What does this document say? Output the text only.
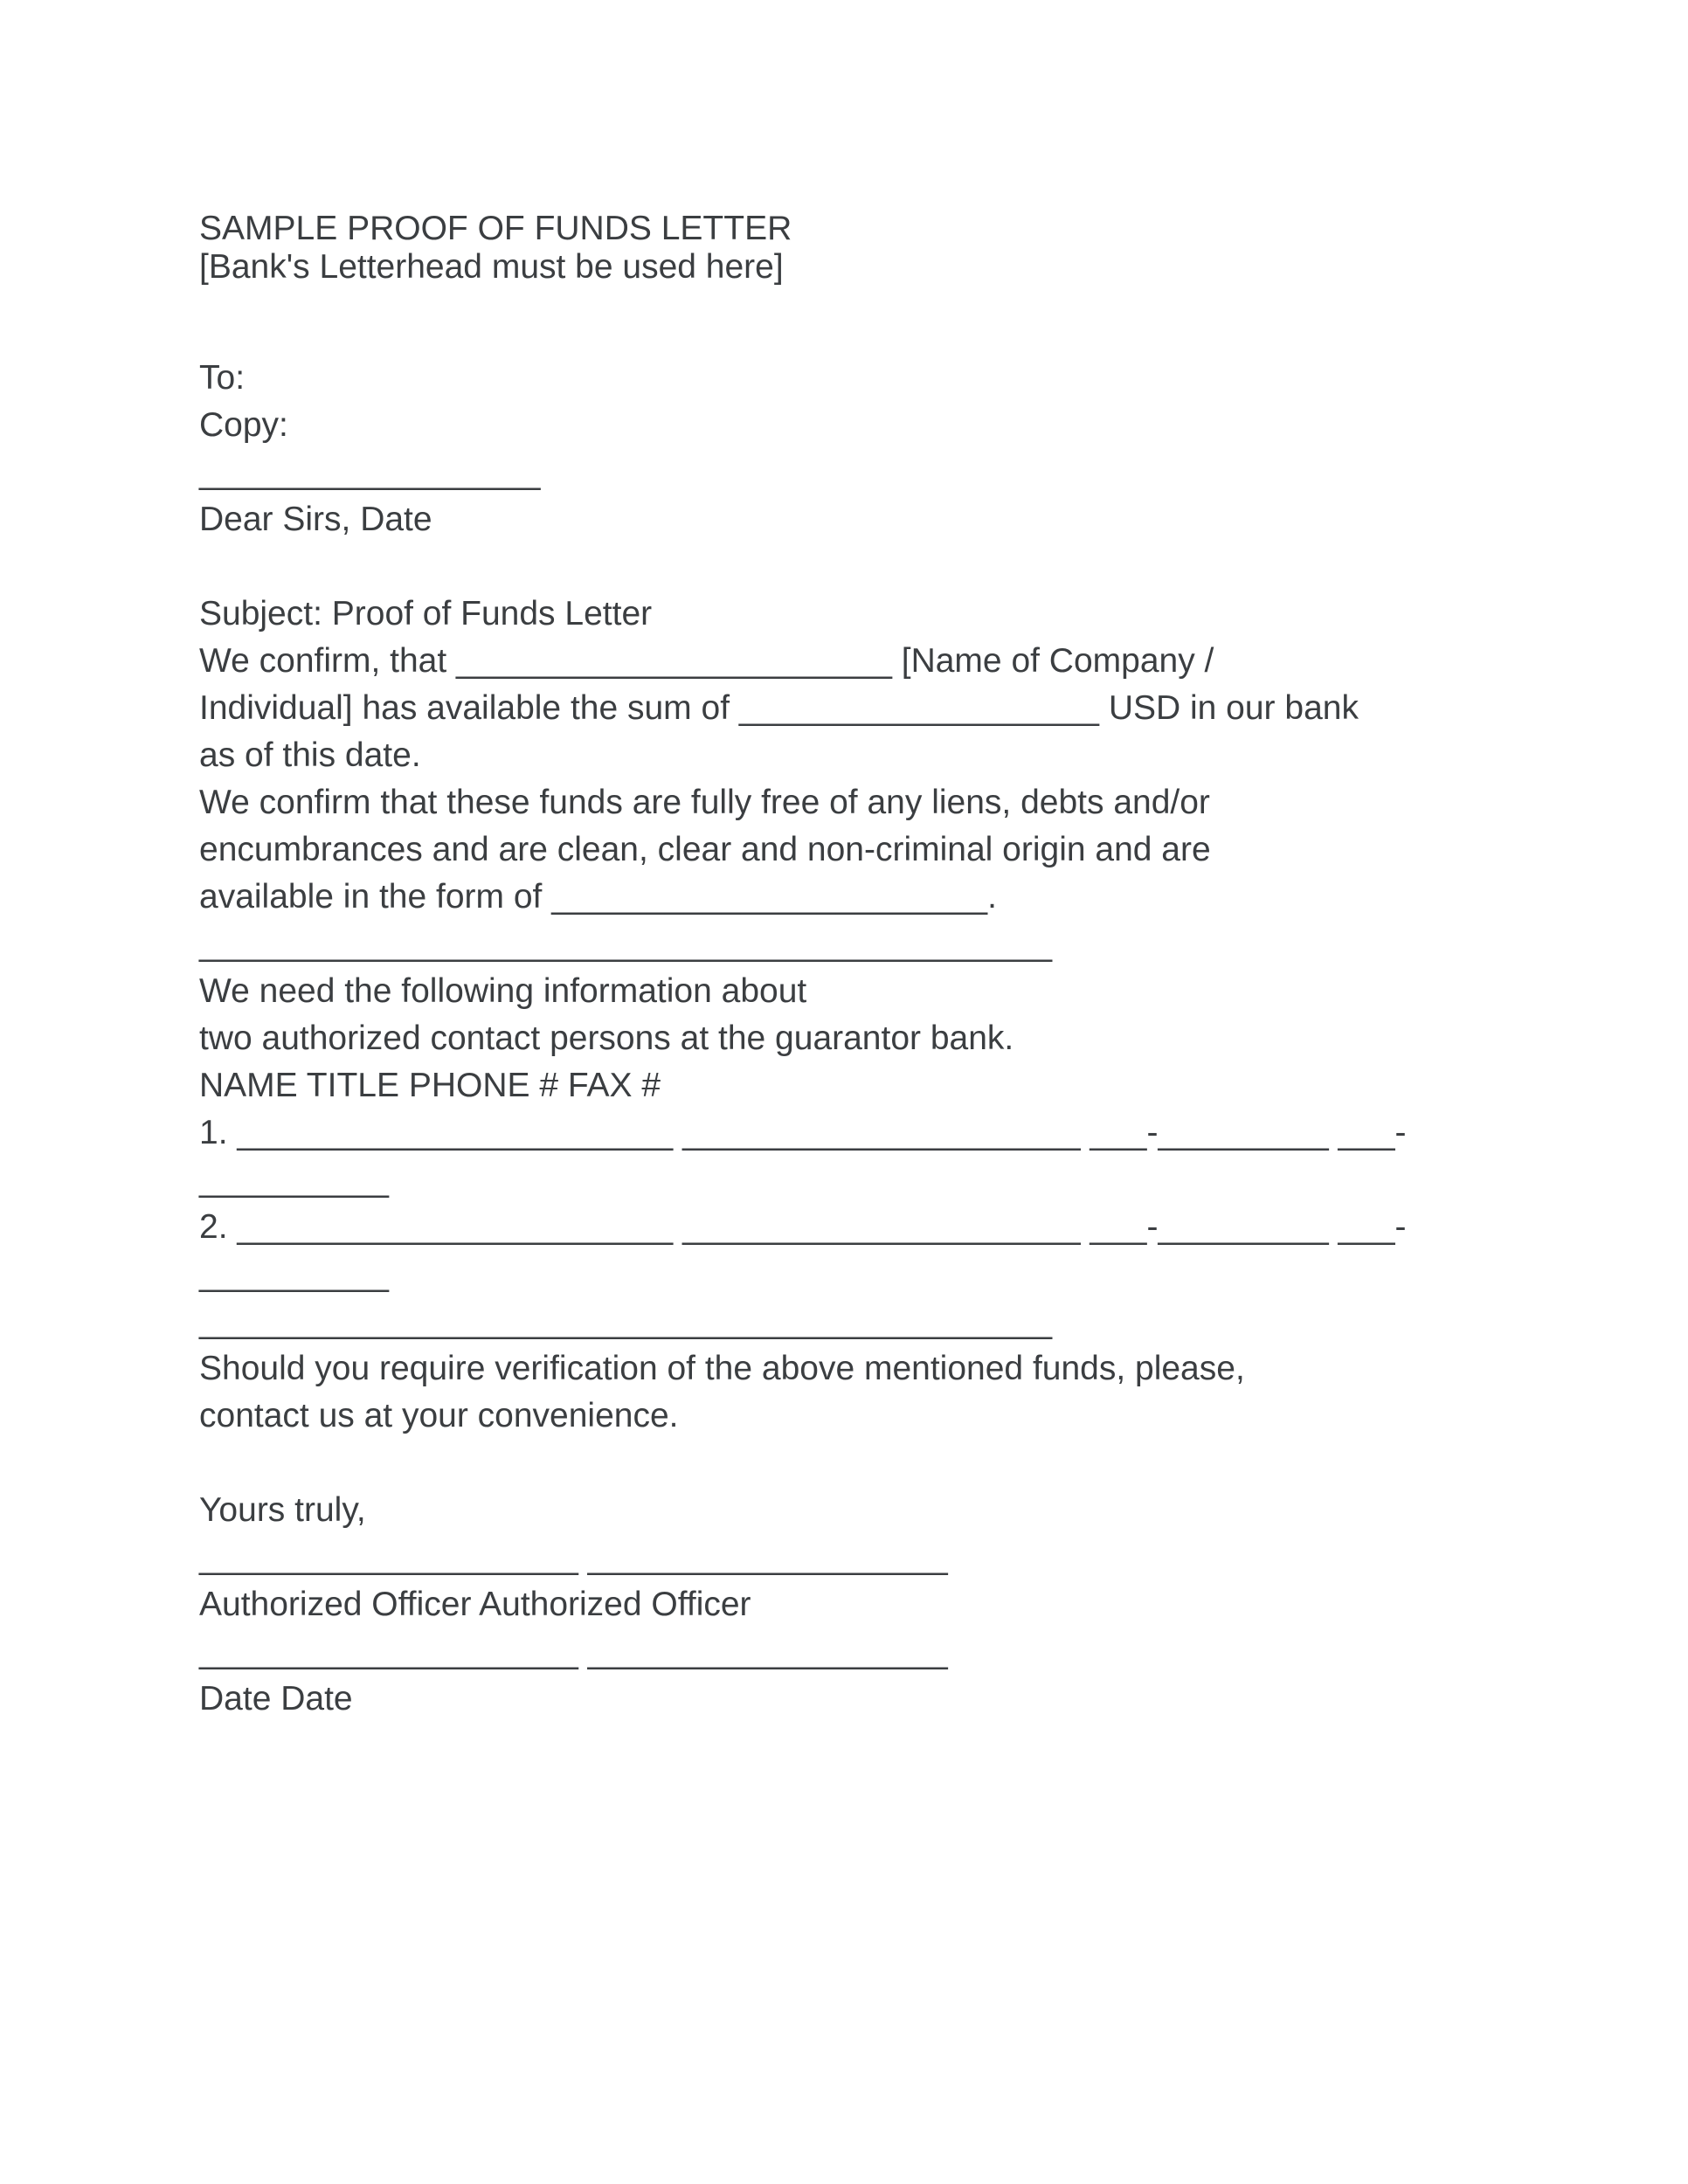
SAMPLE PROOF OF FUNDS LETTER
[Bank's Letterhead must be used here]
To:
Copy:
__________________
Dear Sirs, Date

Subject: Proof of Funds Letter
We confirm, that _______________________ [Name of Company /
Individual] has available the sum of ___________________ USD in our bank
as of this date.
We confirm that these funds are fully free of any liens, debts and/or
encumbrances and are clean, clear and non-criminal origin and are
available in the form of _______________________.
_____________________________________________
We need the following information about
two authorized contact persons at the guarantor bank.
NAME TITLE PHONE # FAX #
1. _______________________ _____________________ ___-_________ ___-
__________
2. _______________________ _____________________ ___-_________ ___-
__________
_____________________________________________
Should you require verification of the above mentioned funds, please,
contact us at your convenience.

Yours truly,
____________________ ___________________
Authorized Officer Authorized Officer
____________________ ___________________
Date Date
